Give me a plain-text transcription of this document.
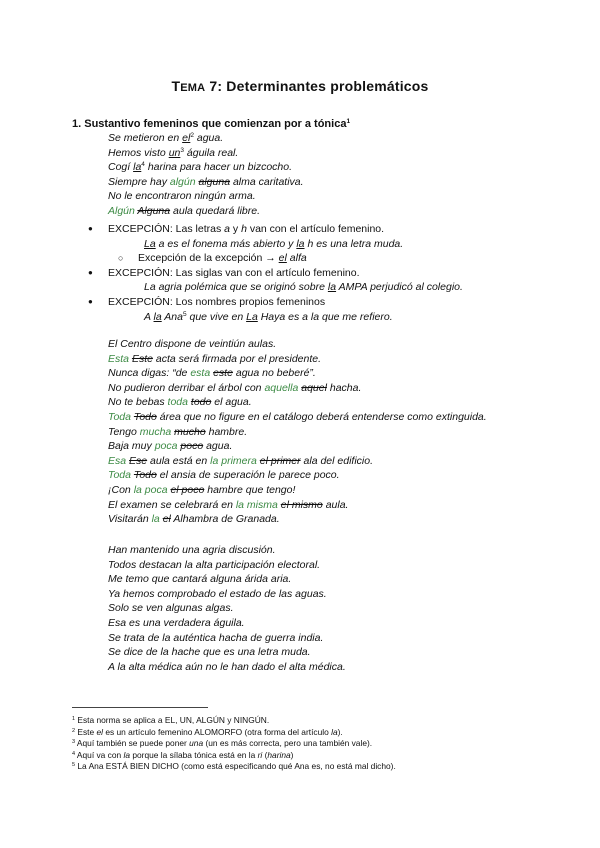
TEMA 7: Determinantes problemáticos
1. Sustantivo femeninos que comienzan por a tónica$^1$
Se metieron en $el^2$ agua.
Hemos visto $un^3$ águila real.
Cogí $la^4$ harina para hacer un bizcocho.
Siempre hay algún alguna alma caritativa.
No le encontraron ningún arma.
Algún Alguna aula quedará libre.
● EXCEPCIÓN: Las letras a y h van con el artículo femenino.
La a es el fonema más abierto y la h es una letra muda.
○ Excepción de la excepción → el alfa
● EXCEPCIÓN: Las siglas van con el artículo femenino.
La agria polémica que se originó sobre la AMPA perjudicó al colegio.
● EXCEPCIÓN: Los nombres propios femeninos
A la Ana$^5$ que vive en La Haya es a la que me refiero.
El Centro dispone de veintiún aulas.
Esta Este acta será firmada por el presidente.
Nunca digas: “de esta este agua no beberé”.
No pudieron derribar el árbol con aquella aquel hacha.
No te bebas toda todo el agua.
Toda Todo área que no figure en el catálogo deberá entenderse como extinguida.
Tengo mucha mucho hambre.
Baja muy poca poco agua.
Esa Ese aula está en la primera el primer ala del edificio.
Toda Todo el ansia de superación le parece poco.
¡Con la poca el poco hambre que tengo!
El examen se celebrará en la misma el mismo aula.
Visitarán la el Alhambra de Granada.
Han mantenido una agria discusión.
Todos destacan la alta participación electoral.
Me temo que cantará alguna árida aria.
Ya hemos comprobado el estado de las aguas.
Solo se ven algunas algas.
Esa es una verdadera águila.
Se trata de la auténtica hacha de guerra india.
Se dice de la hache que es una letra muda.
A la alta médica aún no le han dado el alta médica.
$^1$ Esta norma se aplica a EL, UN, ALGÚN y NINGÚN.
$^2$ Este el es un artículo femenino ALOMORFO (otra forma del artículo la).
$^3$ Aquí también se puede poner una (un es más correcta, pero una también vale).
$^4$ Aquí va con la porque la sílaba tónica está en la ri (harina)
$^5$ La Ana ESTÁ BIEN DICHO (como está especificando qué Ana es, no está mal dicho).
